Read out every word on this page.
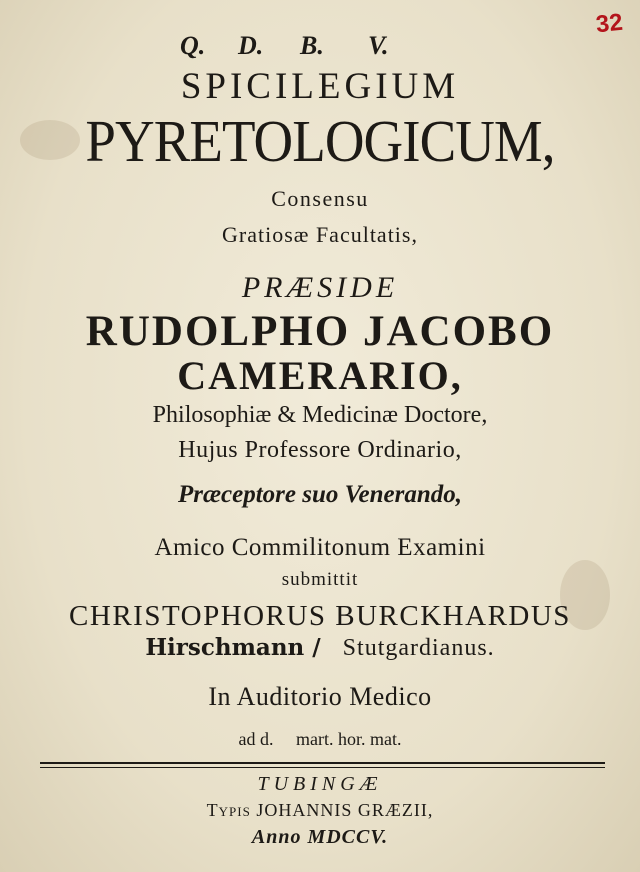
32
Q. D. B. V.
SPICILEGIUM
PYRETOLOGICUM,
Consensu
Gratiosæ Facultatis,
PRÆSIDE
RUDOLPHO JACOBO
CAMERARIO,
Philosophiæ & Medicinæ Doctore,
Hujus Professore Ordinario,
Præceptore suo Venerando,
Amico Commilitonum Examini
submittit
CHRISTOPHORUS BURCKHARDUS
Hirschmann / Stutgardianus.
In Auditorio Medico
ad d.     mart. hor. mat.
TUBINGÆ
Typis JOHANNIS GRÆZII,
Anno MDCCV.
